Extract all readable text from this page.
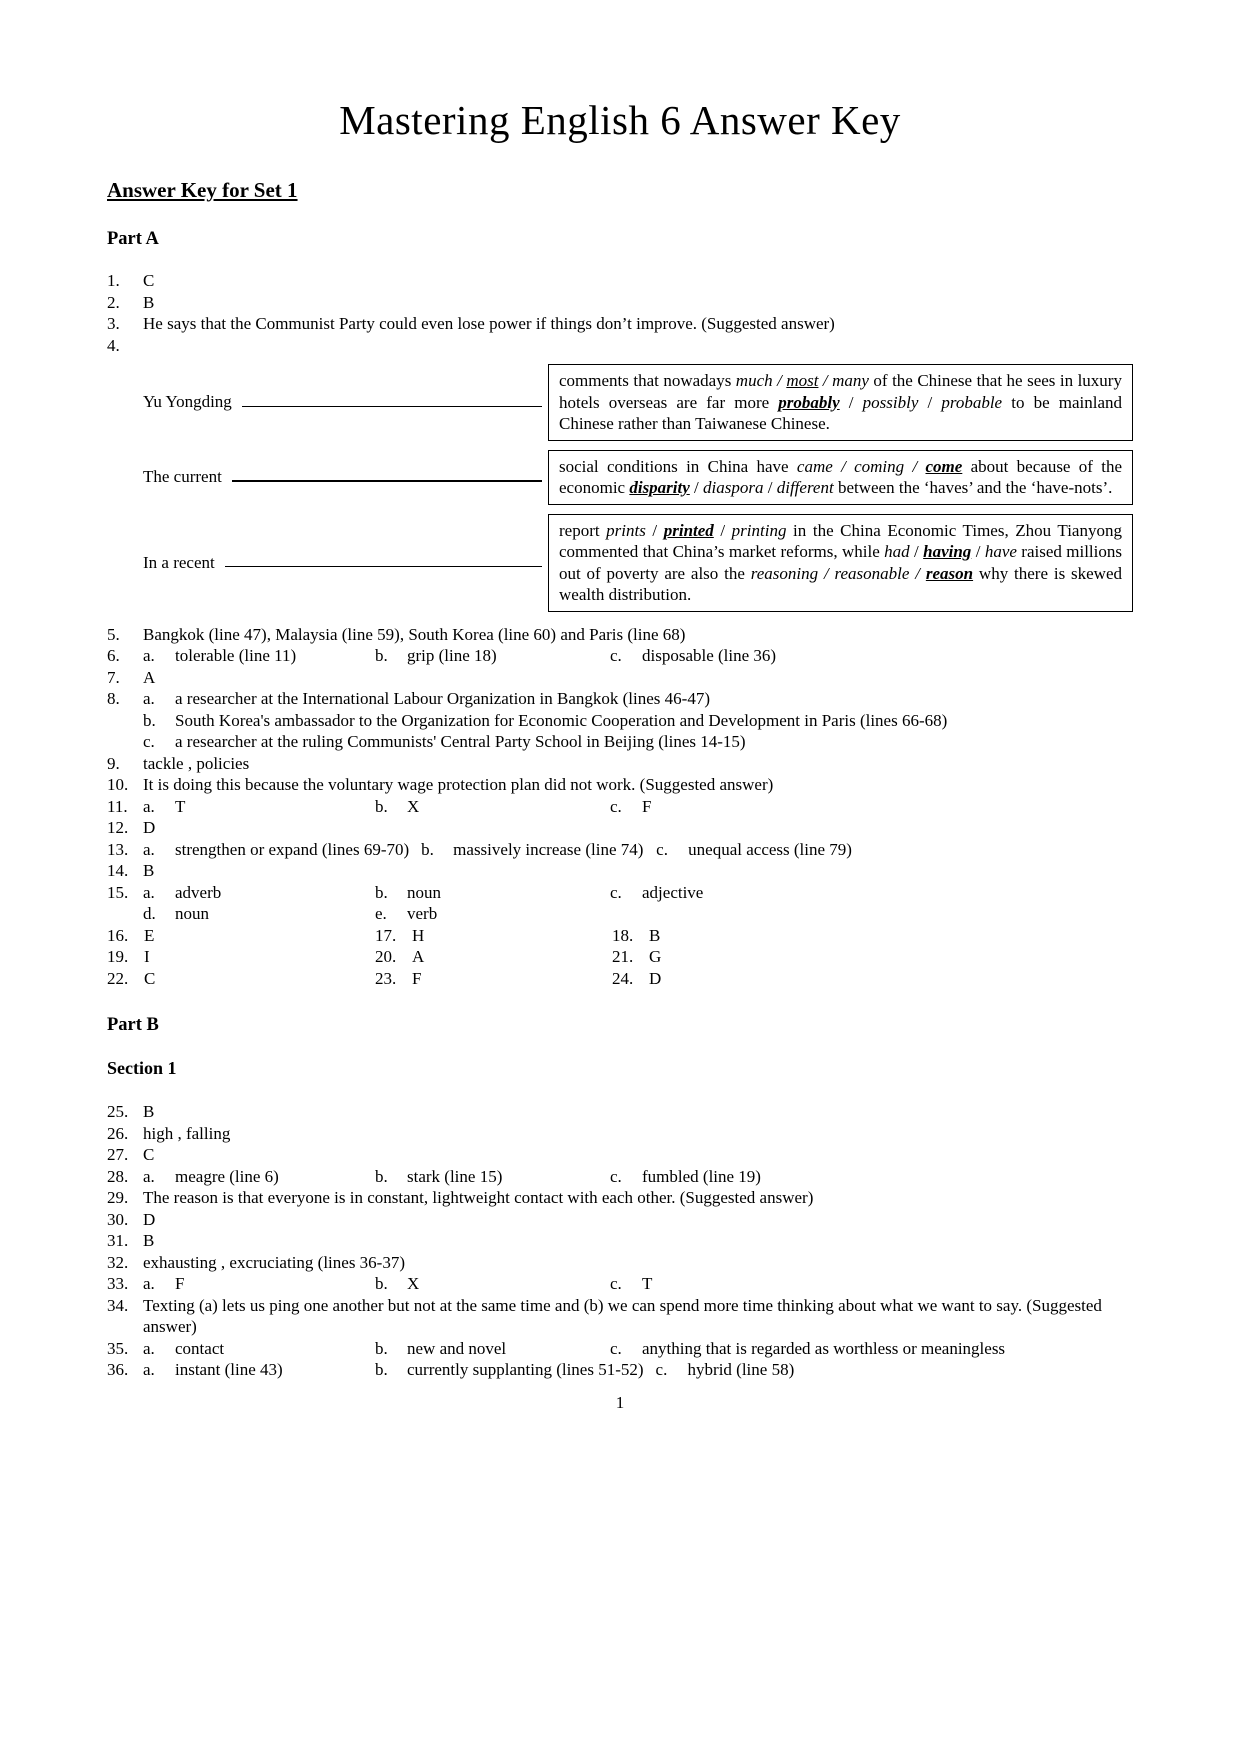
Mastering English 6 Answer Key
Answer Key for Set 1
Part A
1.	C
2.	B
3.	He says that the Communist Party could even lose power if things don’t improve. (Suggested answer)
4.
Yu Yongding
comments that nowadays much / most / many of the Chinese that he sees in luxury hotels overseas are far more probably / possibly / probable to be mainland Chinese rather than Taiwanese Chinese.
The current
social conditions in China have came / coming / come about because of the economic disparity / diaspora / different between the ‘haves’ and the ‘have-nots’.
In a recent
report prints / printed / printing in the China Economic Times, Zhou Tianyong commented that China’s market reforms, while had / having / have raised millions out of poverty are also the reasoning / reasonable / reason why there is skewed wealth distribution.
5.	Bangkok (line 47), Malaysia (line 59), South Korea (line 60) and Paris (line 68)
6.	a.	tolerable (line 11)	b.	grip (line 18)	c.	disposable (line 36)
7.	A
8.	a.	a researcher at the International Labour Organization in Bangkok (lines 46-47)
b.	South Korea's ambassador to the Organization for Economic Cooperation and Development in Paris (lines 66-68)
c.	a researcher at the ruling Communists' Central Party School in Beijing (lines 14-15)
9.	tackle , policies
10. It is doing this because the voluntary wage protection plan did not work. (Suggested answer)
11. a.	T	b.	X	c.	F
12. D
13. a.	strengthen or expand (lines 69-70) b.	massively increase (line 74) c.	unequal access (line 79)
14. B
15. a.	adverb	b.	noun	c.	adjective
d.	noun	e.	verb
16. E	17. H	18. B
19. I	20. A	21. G
22. C	23. F	24. D
Part B
Section 1
25. B
26. high , falling
27. C
28. a.	meagre (line 6)	b.	stark (line 15)	c.	fumbled (line 19)
29. The reason is that everyone is in constant, lightweight contact with each other. (Suggested answer)
30. D
31. B
32. exhausting , excruciating (lines 36-37)
33. a.	F	b.	X	c.	T
34. Texting (a) lets us ping one another but not at the same time and (b) we can spend more time thinking about what we want to say. (Suggested answer)
35. a.	contact	b.	new and novel	c.	anything that is regarded as worthless or meaningless
36. a.	instant (line 43)	b.	currently supplanting (lines 51-52) c.	hybrid (line 58)
1
